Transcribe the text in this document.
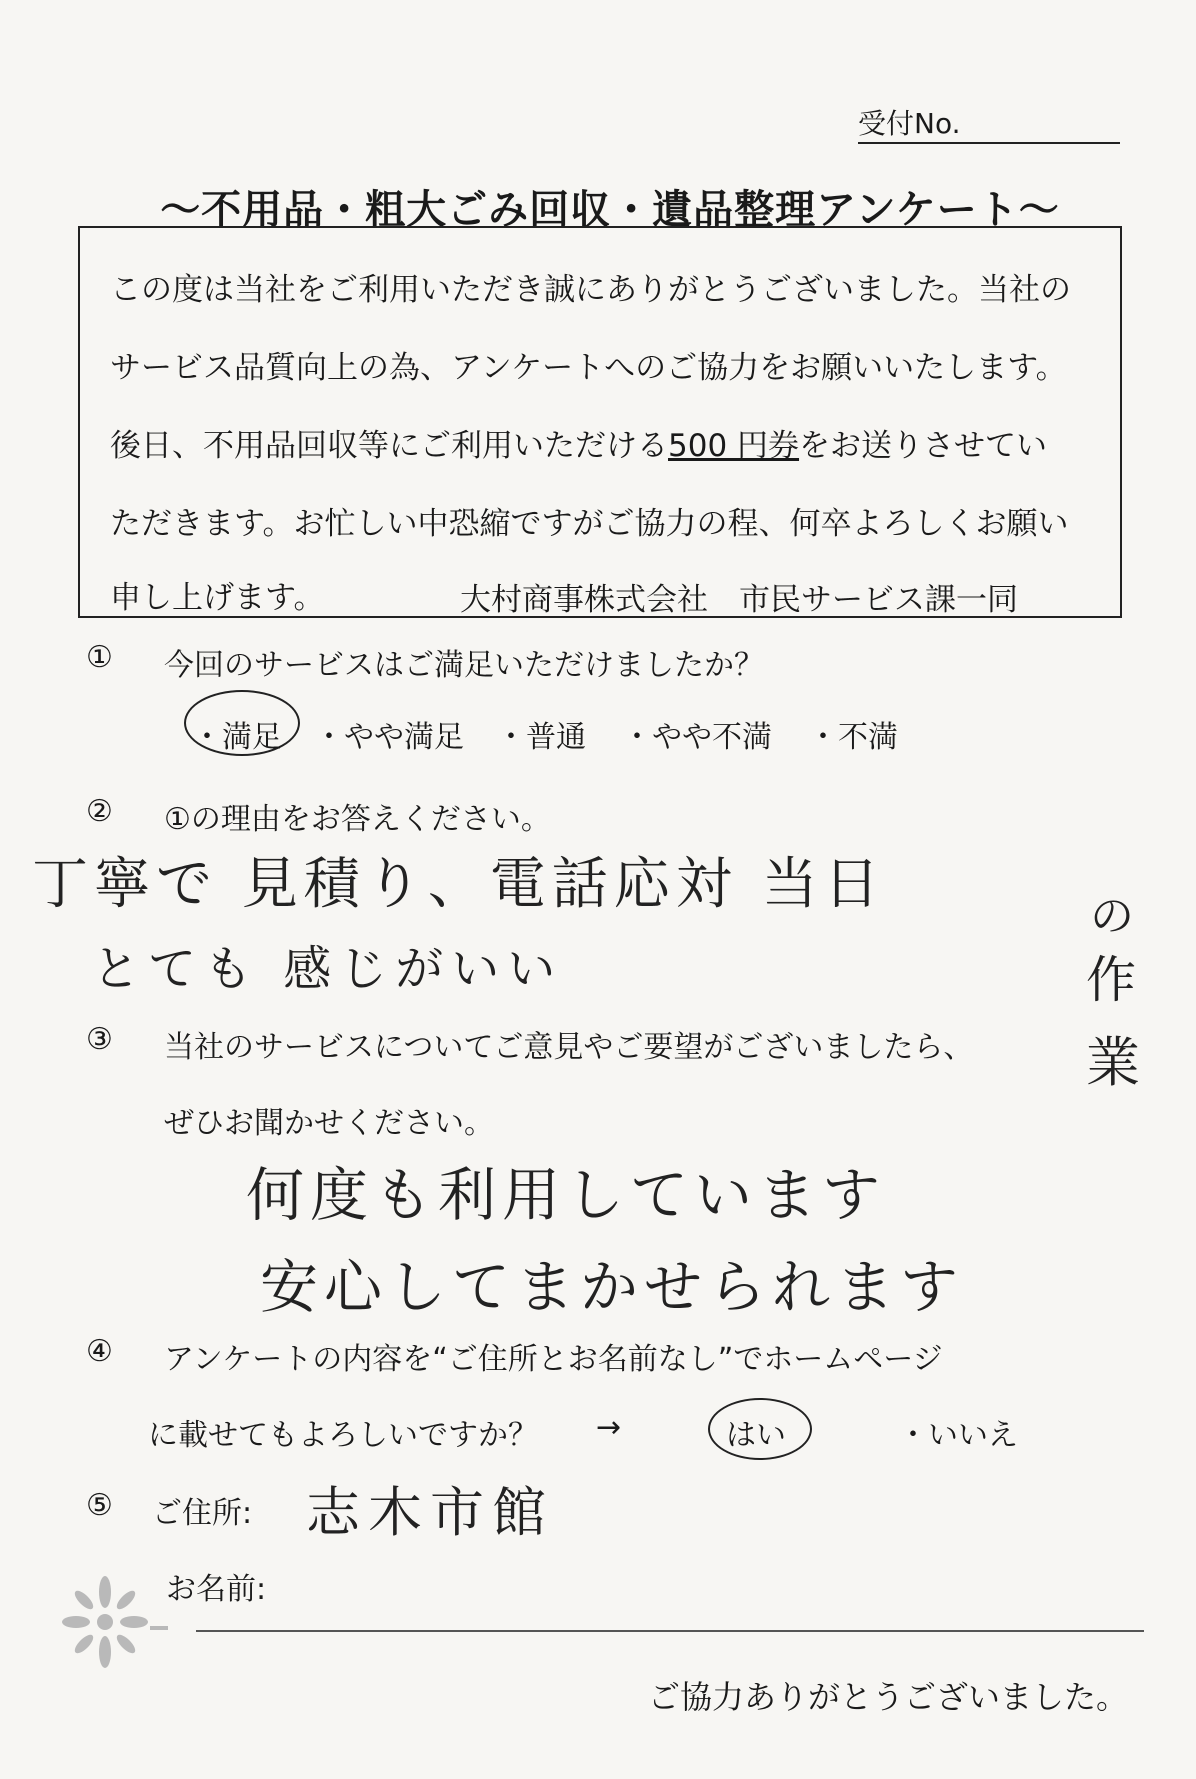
受付No.
～不用品・粗大ごみ回収・遺品整理アンケート～
この度は当社をご利用いただき誠にありがとうございました。当社の
サービス品質向上の為、アンケートへのご協力をお願いいたします。
後日、不用品回収等にご利用いただける500 円券をお送りさせてい
ただきます。お忙しい中恐縮ですがご協力の程、何卒よろしくお願い
申し上げます。	大村商事株式会社　市民サービス課一同
① 今回のサービスはご満足いただけましたか？
・満足 ・やや満足 ・普通 ・やや不満 ・不満
② ①の理由をお答えください。
丁寧で 見積り、電話応対 当日
とても 感じがいい
の
作
業
③ 当社のサービスについてご意見やご要望がございましたら、
ぜひお聞かせください。
何度も利用しています
安心してまかせられます
④ アンケートの内容を“ご住所とお名前なし”でホームページ
に載せてもよろしいですか？ →	はい	・いいえ
⑤ ご住所: 志木市館
お名前:
ご協力ありがとうございました。
